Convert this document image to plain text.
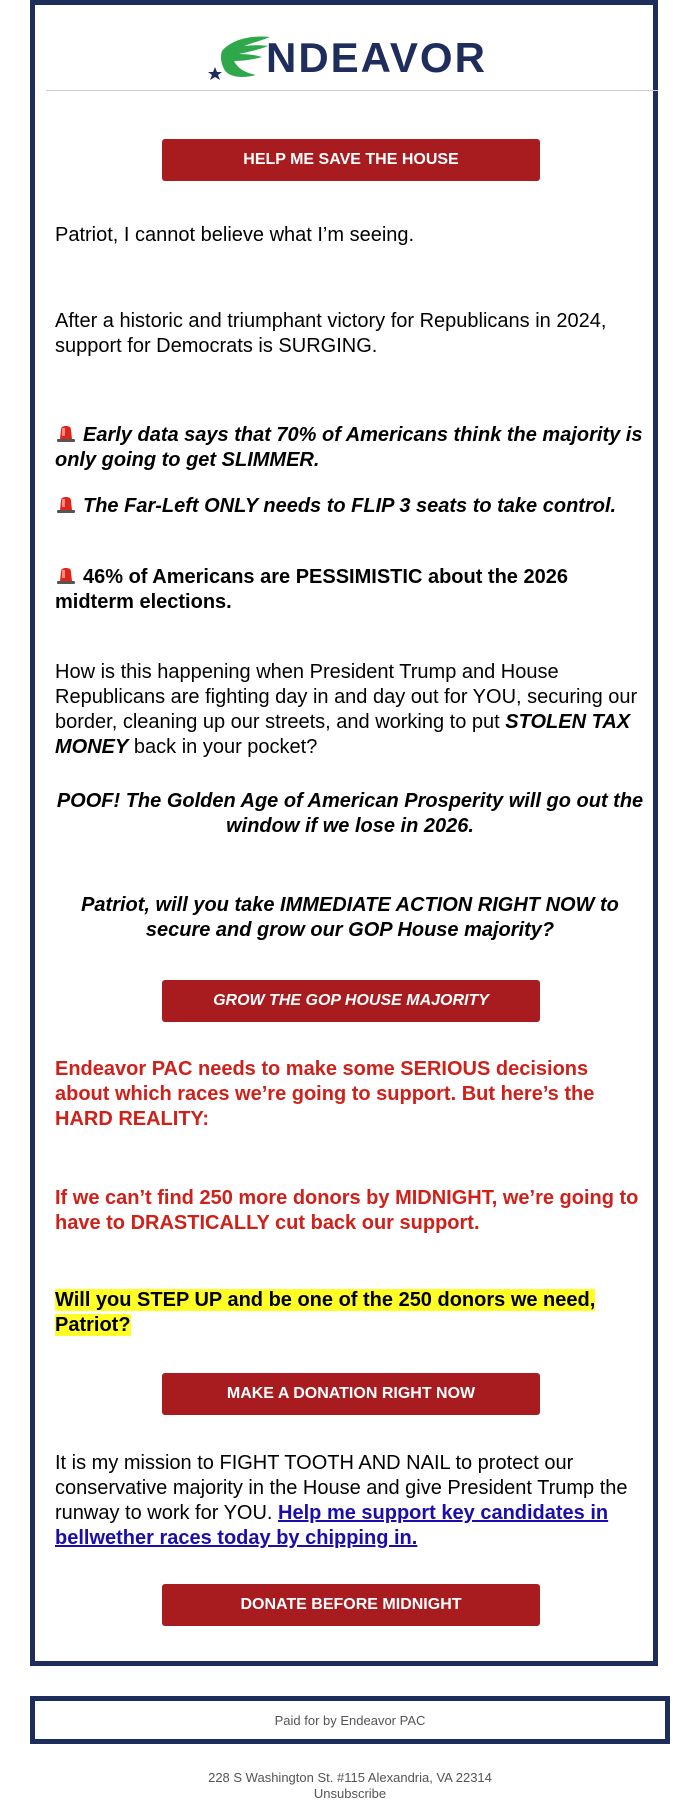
NDEAVOR
HELP ME SAVE THE HOUSE

Patriot, I cannot believe what I’m seeing.

After a historic and triumphant victory for Republicans in 2024, support for Democrats is SURGING.

Early data says that 70% of Americans think the majority is only going to get SLIMMER.

The Far-Left ONLY needs to FLIP 3 seats to take control.

46% of Americans are PESSIMISTIC about the 2026 midterm elections.

How is this happening when President Trump and House Republicans are fighting day in and day out for YOU, securing our border, cleaning up our streets, and working to put STOLEN TAX MONEY back in your pocket?

POOF! The Golden Age of American Prosperity will go out the window if we lose in 2026.

Patriot, will you take IMMEDIATE ACTION RIGHT NOW to secure and grow our GOP House majority?

GROW THE GOP HOUSE MAJORITY

Endeavor PAC needs to make some SERIOUS decisions about which races we’re going to support. But here’s the HARD REALITY:

If we can’t find 250 more donors by MIDNIGHT, we’re going to have to DRASTICALLY cut back our support.

Will you STEP UP and be one of the 250 donors we need, Patriot?

MAKE A DONATION RIGHT NOW

It is my mission to FIGHT TOOTH AND NAIL to protect our conservative majority in the House and give President Trump the runway to work for YOU. Help me support key candidates in bellwether races today by chipping in.

DONATE BEFORE MIDNIGHT
Paid for by Endeavor PAC
228 S Washington St. #115 Alexandria, VA 22314
Unsubscribe
